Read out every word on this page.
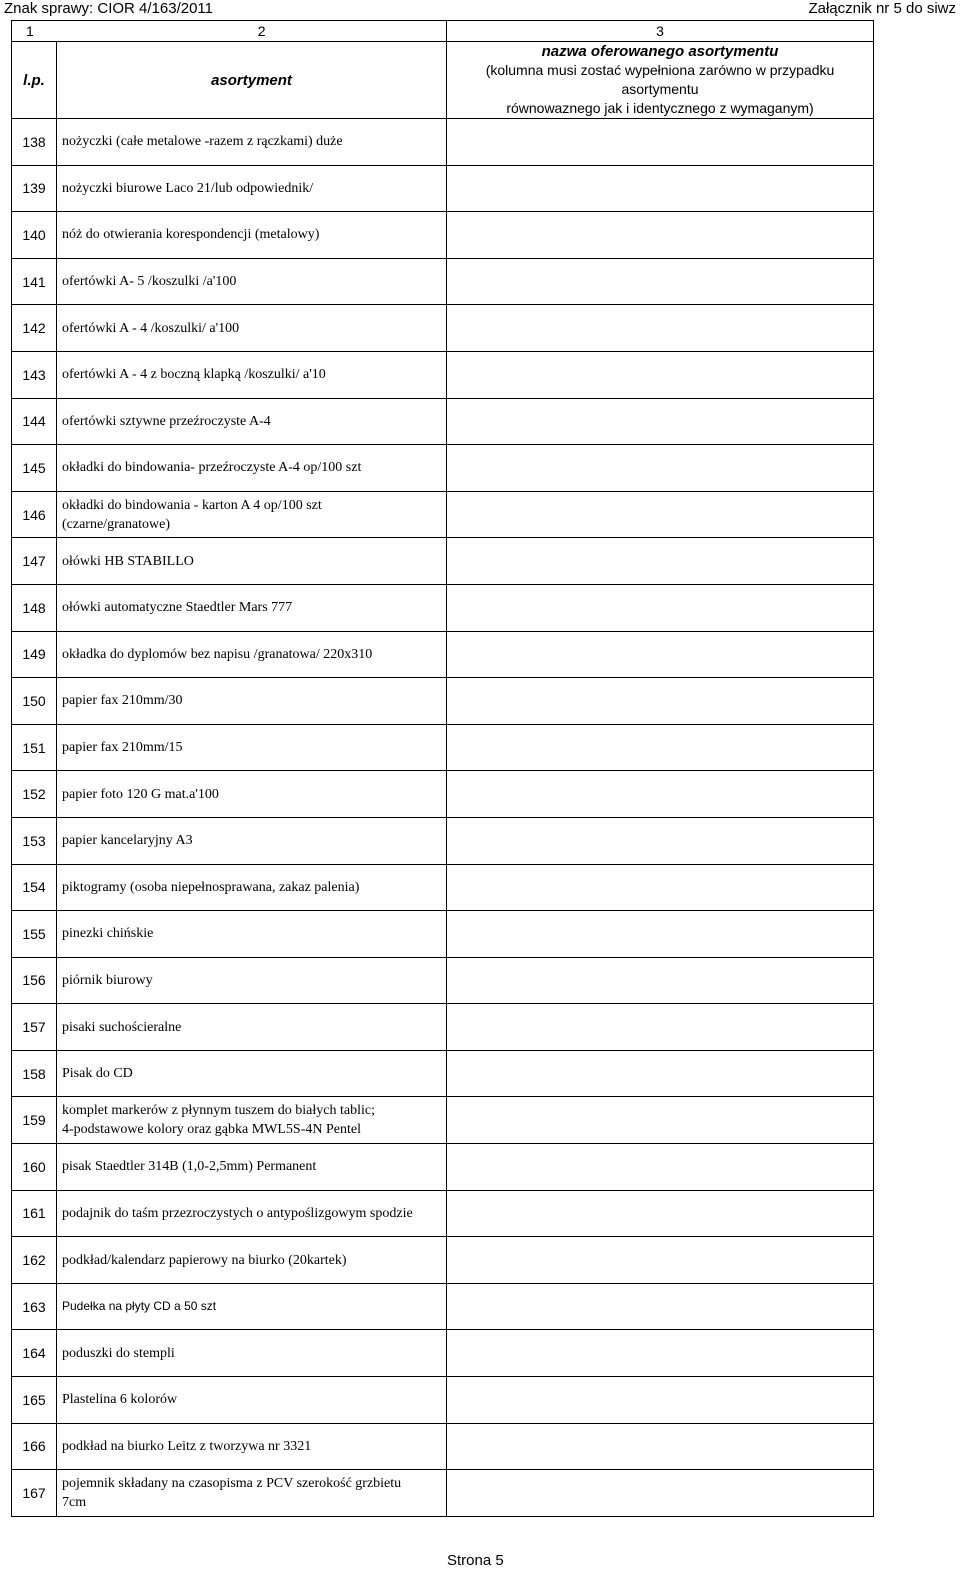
Znak sprawy: CIOR 4/163/2011	Załącznik nr 5 do siwz
1 2		3
l.p.	asortyment	nazwa oferowanego asortymentu
(kolumna musi zostać wypełniona zarówno w przypadku asortymentu
równowaznego jak i identycznego z wymaganym)

138	nożyczki (całe metalowe -razem z rączkami) duże	

139	nożyczki biurowe Laco 21/lub odpowiednik/	

140	nóż do otwierania korespondencji (metalowy)	

141	ofertówki A- 5 /koszulki /a'100	

142	ofertówki A - 4 /koszulki/ a'100	

143	ofertówki A - 4 z boczną klapką /koszulki/ a'10	

144	ofertówki sztywne przeźroczyste A-4	

145	okładki do bindowania- przeźroczyste A-4 op/100 szt	

146	okładki do bindowania - karton A 4 op/100 szt
(czarne/granatowe)	

147	ołówki HB STABILLO	

148	ołówki automatyczne Staedtler Mars 777	

149	okładka do dyplomów bez napisu /granatowa/ 220x310	

150	papier fax 210mm/30	

151	papier fax 210mm/15	

152	papier foto 120 G mat.a'100	

153	papier kancelaryjny A3	

154	piktogramy (osoba niepełnosprawana, zakaz palenia)	

155	pinezki chińskie	

156	piórnik biurowy	

157	pisaki suchościeralne	

158	Pisak do CD	

159	komplet markerów z płynnym tuszem do białych tablic;
4-podstawowe kolory oraz gąbka MWL5S-4N Pentel	

160	pisak Staedtler 314B (1,0-2,5mm) Permanent	

161	podajnik do taśm przezroczystych o antypoślizgowym spodzie	

162	podkład/kalendarz papierowy na biurko (20kartek)	

163	Pudełka na płyty CD a 50 szt	

164	poduszki do stempli	

165	Plastelina 6 kolorów	

166	podkład na biurko Leitz z tworzywa nr 3321	

167	pojemnik składany na czasopisma z PCV szerokość grzbietu
7cm	

Strona 5
